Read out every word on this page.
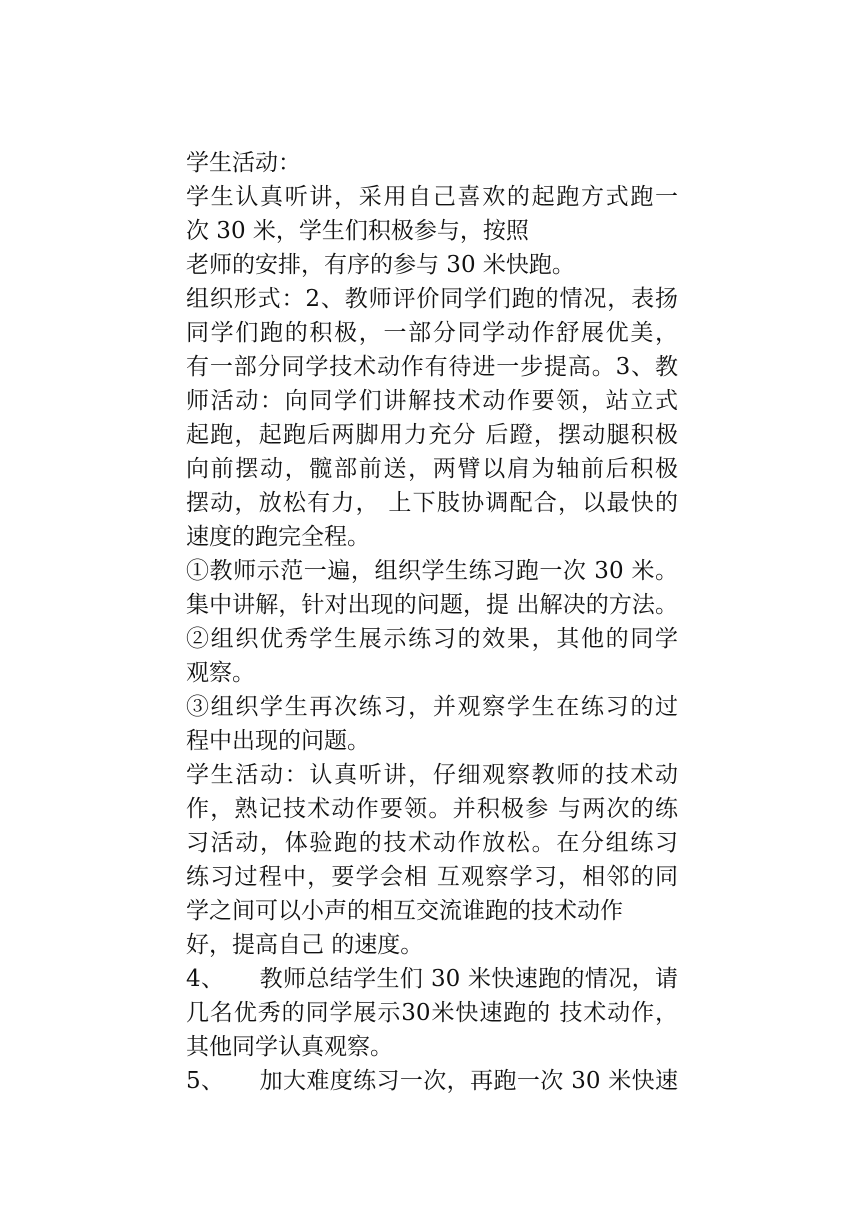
学生活动：
学生认真听讲，采用自己喜欢的起跑方式跑一
次 30 米，学生们积极参与，按照
老师的安排，有序的参与 30 米快跑。
组织形式：2、教师评价同学们跑的情况，表扬
同学们跑的积极，一部分同学动作舒展优美，
有一部分同学技术动作有待进一步提高。3、教
师活动：向同学们讲解技术动作要领，站立式
起跑，起跑后两脚用力充分 后蹬，摆动腿积极
向前摆动，髋部前送，两臂以肩为轴前后积极
摆动，放松有力， 上下肢协调配合，以最快的
速度的跑完全程。
①教师示范一遍，组织学生练习跑一次 30 米。
集中讲解，针对出现的问题，提 出解决的方法。
②组织优秀学生展示练习的效果，其他的同学
观察。
③组织学生再次练习，并观察学生在练习的过
程中出现的问题。
学生活动：认真听讲，仔细观察教师的技术动
作，熟记技术动作要领。并积极参 与两次的练
习活动，体验跑的技术动作放松。在分组练习
练习过程中，要学会相 互观察学习，相邻的同
学之间可以小声的相互交流谁跑的技术动作
好，提高自己 的速度。
4、　　教师总结学生们 30 米快速跑的情况，请
几名优秀的同学展示30米快速跑的 技术动作，
其他同学认真观察。
5、　　加大难度练习一次，再跑一次 30 米快速
